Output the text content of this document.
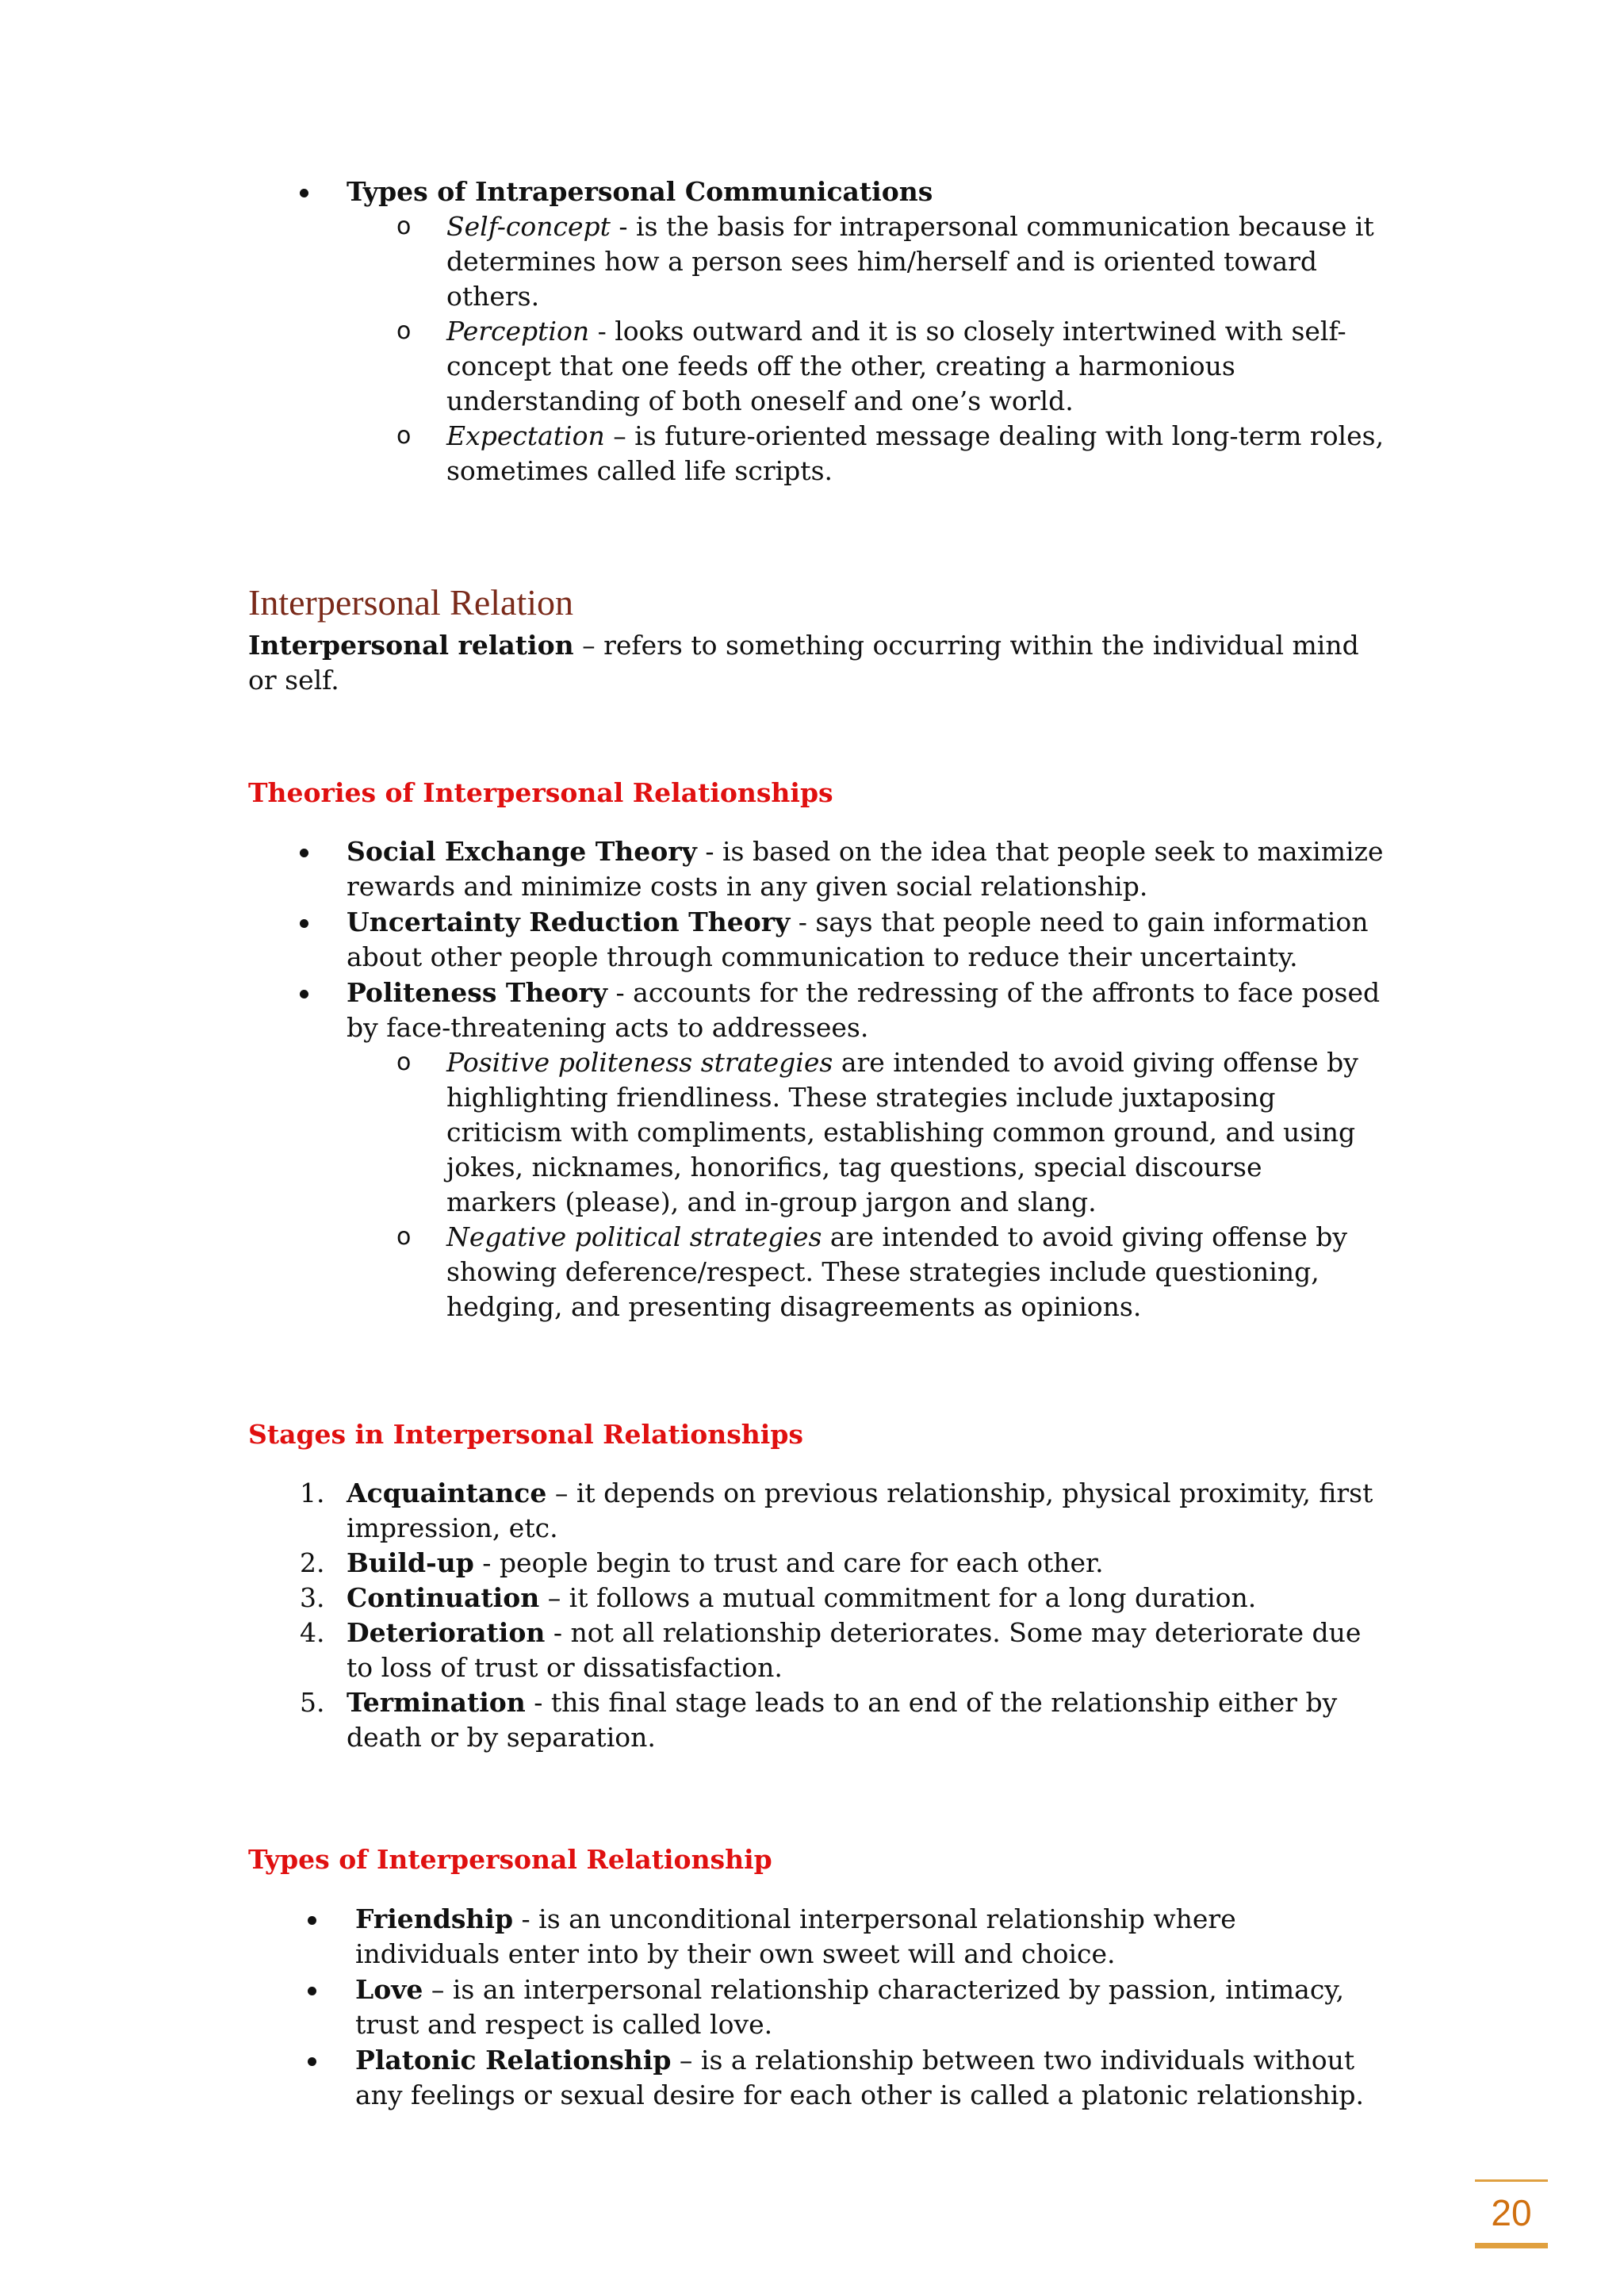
Types of Intrapersonal Communications
o Self-concept - is the basis for intrapersonal communication because it
determines how a person sees him/herself and is oriented toward
others.
o Perception - looks outward and it is so closely intertwined with self-
concept that one feeds off the other, creating a harmonious
understanding of both oneself and one’s world.
o Expectation – is future-oriented message dealing with long-term roles,
sometimes called life scripts.
Interpersonal Relation
Interpersonal relation – refers to something occurring within the individual mind
or self.
Theories of Interpersonal Relationships
Social Exchange Theory - is based on the idea that people seek to maximize
rewards and minimize costs in any given social relationship.
Uncertainty Reduction Theory - says that people need to gain information
about other people through communication to reduce their uncertainty.
Politeness Theory - accounts for the redressing of the affronts to face posed
by face-threatening acts to addressees.
o Positive politeness strategies are intended to avoid giving offense by
highlighting friendliness. These strategies include juxtaposing
criticism with compliments, establishing common ground, and using
jokes, nicknames, honorifics, tag questions, special discourse
markers (please), and in-group jargon and slang.
o Negative political strategies are intended to avoid giving offense by
showing deference/respect. These strategies include questioning,
hedging, and presenting disagreements as opinions.
Stages in Interpersonal Relationships
1. Acquaintance – it depends on previous relationship, physical proximity, first
impression, etc.
2. Build-up - people begin to trust and care for each other.
3. Continuation – it follows a mutual commitment for a long duration.
4. Deterioration - not all relationship deteriorates. Some may deteriorate due
to loss of trust or dissatisfaction.
5. Termination - this final stage leads to an end of the relationship either by
death or by separation.
Types of Interpersonal Relationship
Friendship - is an unconditional interpersonal relationship where
individuals enter into by their own sweet will and choice.
Love – is an interpersonal relationship characterized by passion, intimacy,
trust and respect is called love.
Platonic Relationship – is a relationship between two individuals without
any feelings or sexual desire for each other is called a platonic relationship.
20
